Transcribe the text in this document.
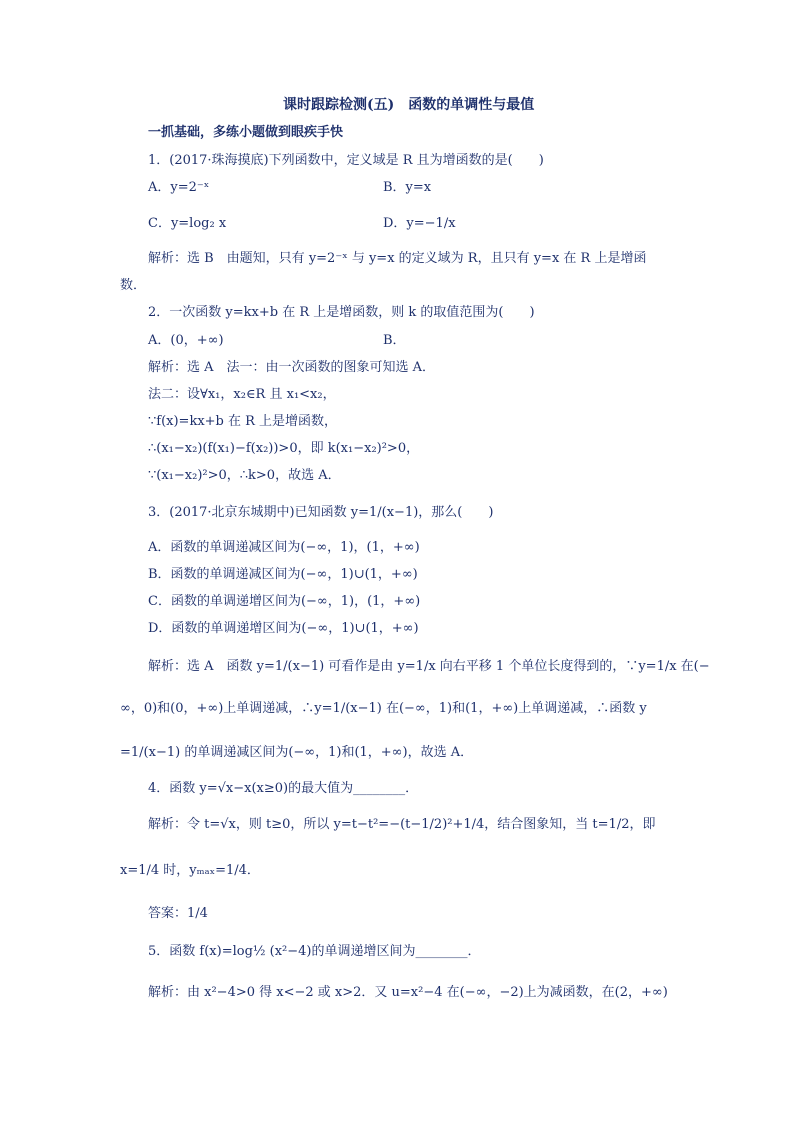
课时跟踪检测(五)　函数的单调性与最值
一抓基础，多练小题做到眼疾手快
1．(2017·珠海摸底)下列函数中，定义域是 R 且为增函数的是(　　)
A．y=2⁻ˣ	B．y=x
C．y=log₂ x	D．y=−1/x
解析：选 B　由题知，只有 y=2⁻ˣ 与 y=x 的定义域为 R，且只有 y=x 在 R 上是增函
数．
2．一次函数 y=kx+b 在 R 上是增函数，则 k 的取值范围为(　　)
A．(0，+∞)	B．
解析：选 A　法一：由一次函数的图象可知选 A．
法二：设∀x₁，x₂∈R 且 x₁<x₂，
∵f(x)=kx+b 在 R 上是增函数，
∴(x₁−x₂)(f(x₁)−f(x₂))>0，即 k(x₁−x₂)²>0，
∵(x₁−x₂)²>0，∴k>0，故选 A．
3．(2017·北京东城期中)已知函数 y=1/(x−1)，那么(　　)
A．函数的单调递减区间为(−∞，1)，(1，+∞)
B．函数的单调递减区间为(−∞，1)∪(1，+∞)
C．函数的单调递增区间为(−∞，1)，(1，+∞)
D．函数的单调递增区间为(−∞，1)∪(1，+∞)
解析：选 A　函数 y=1/(x−1) 可看作是由 y=1/x 向右平移 1 个单位长度得到的，∵y=1/x 在(−
∞，0)和(0，+∞)上单调递减，∴y=1/(x−1) 在(−∞，1)和(1，+∞)上单调递减，∴函数 y
=1/(x−1) 的单调递减区间为(−∞，1)和(1，+∞)，故选 A．
4．函数 y=√x−x(x≥0)的最大值为________．
解析：令 t=√x，则 t≥0，所以 y=t−t²=−(t−1/2)²+1/4，结合图象知，当 t=1/2，即
x=1/4 时，yₘₐₓ=1/4．
答案：1/4
5．函数 f(x)=log½ (x²−4)的单调递增区间为________．
解析：由 x²−4>0 得 x<−2 或 x>2．又 u=x²−4 在(−∞，−2)上为减函数，在(2，+∞)
